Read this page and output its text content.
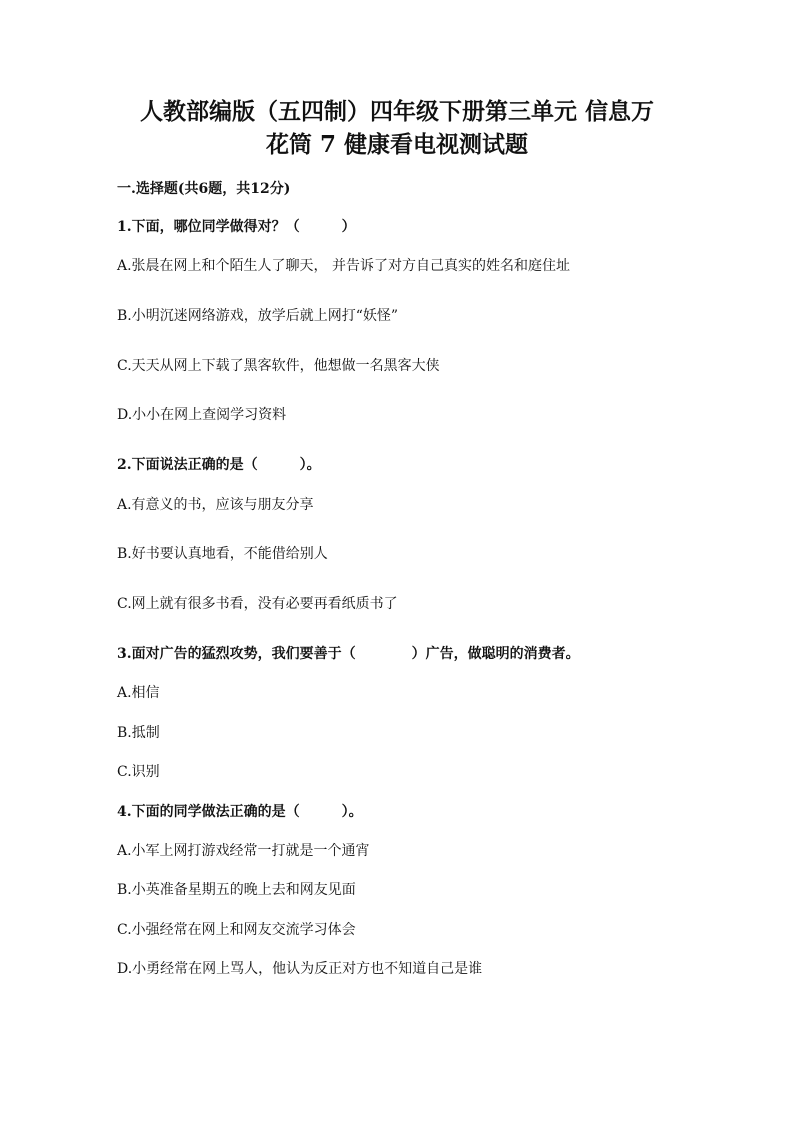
人教部编版（五四制）四年级下册第三单元 信息万
花筒 7 健康看电视测试题
一.选择题(共6题，共12分)
1.下面，哪位同学做得对？（　　　）
A.张晨在网上和个陌生人了聊天， 并告诉了对方自己真实的姓名和庭住址
B.小明沉迷网络游戏，放学后就上网打“妖怪”
C.天天从网上下载了黑客软件，他想做一名黑客大侠
D.小小在网上查阅学习资料
2.下面说法正确的是（　　　）。
A.有意义的书，应该与朋友分享
B.好书要认真地看，不能借给别人
C.网上就有很多书看，没有必要再看纸质书了
3.面对广告的猛烈攻势，我们要善于（　　　　）广告，做聪明的消费者。
A.相信
B.抵制
C.识别
4.下面的同学做法正确的是（　　　）。
A.小军上网打游戏经常一打就是一个通宵
B.小英准备星期五的晚上去和网友见面
C.小强经常在网上和网友交流学习体会
D.小勇经常在网上骂人，他认为反正对方也不知道自己是谁
